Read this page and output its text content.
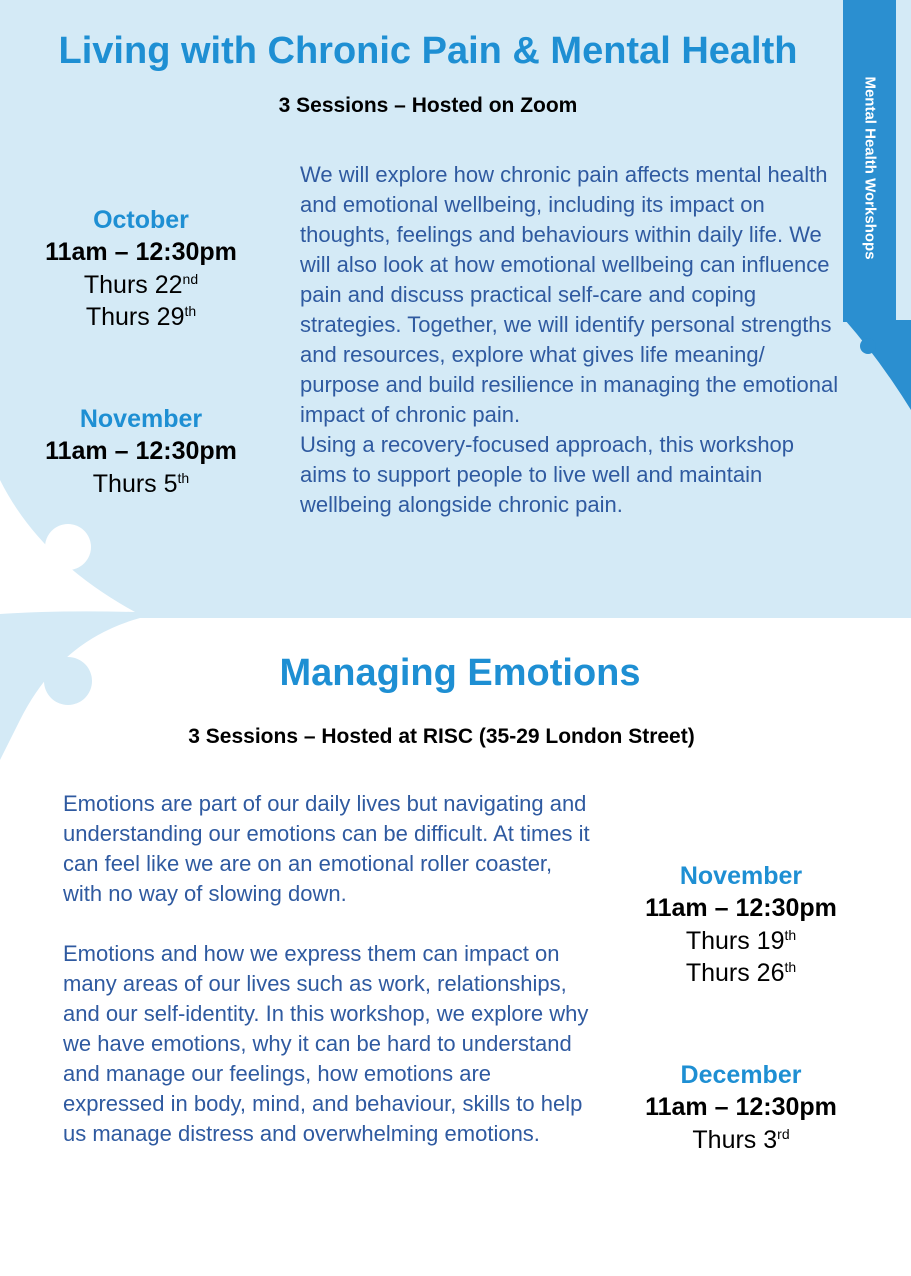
Mental Health Workshops
Living with Chronic Pain & Mental Health
3 Sessions – Hosted on Zoom
October
11am – 12:30pm
Thurs 22nd
Thurs 29th
November
11am – 12:30pm
Thurs 5th

We will explore how chronic pain affects mental health and emotional wellbeing, including its impact on thoughts, feelings and behaviours within daily life. We will also look at how emotional wellbeing can influence pain and discuss practical self-care and coping strategies. Together, we will identify personal strengths and resources, explore what gives life meaning/ purpose and build resilience in managing the emotional impact of chronic pain.

Using a recovery-focused approach, this workshop aims to support people to live well and maintain wellbeing alongside chronic pain.

Managing Emotions
3 Sessions – Hosted at RISC (35-29 London Street)

Emotions are part of our daily lives but navigating and understanding our emotions can be difficult. At times it can feel like we are on an emotional roller coaster, with no way of slowing down.

Emotions and how we express them can impact on many areas of our lives such as work, relationships, and our self-identity. In this workshop, we explore why we have emotions, why it can be hard to understand and manage our feelings, how emotions are expressed in body, mind, and behaviour, skills to help us manage distress and overwhelming emotions.

November
11am – 12:30pm
Thurs 19th
Thurs 26th
December
11am – 12:30pm
Thurs 3rd
